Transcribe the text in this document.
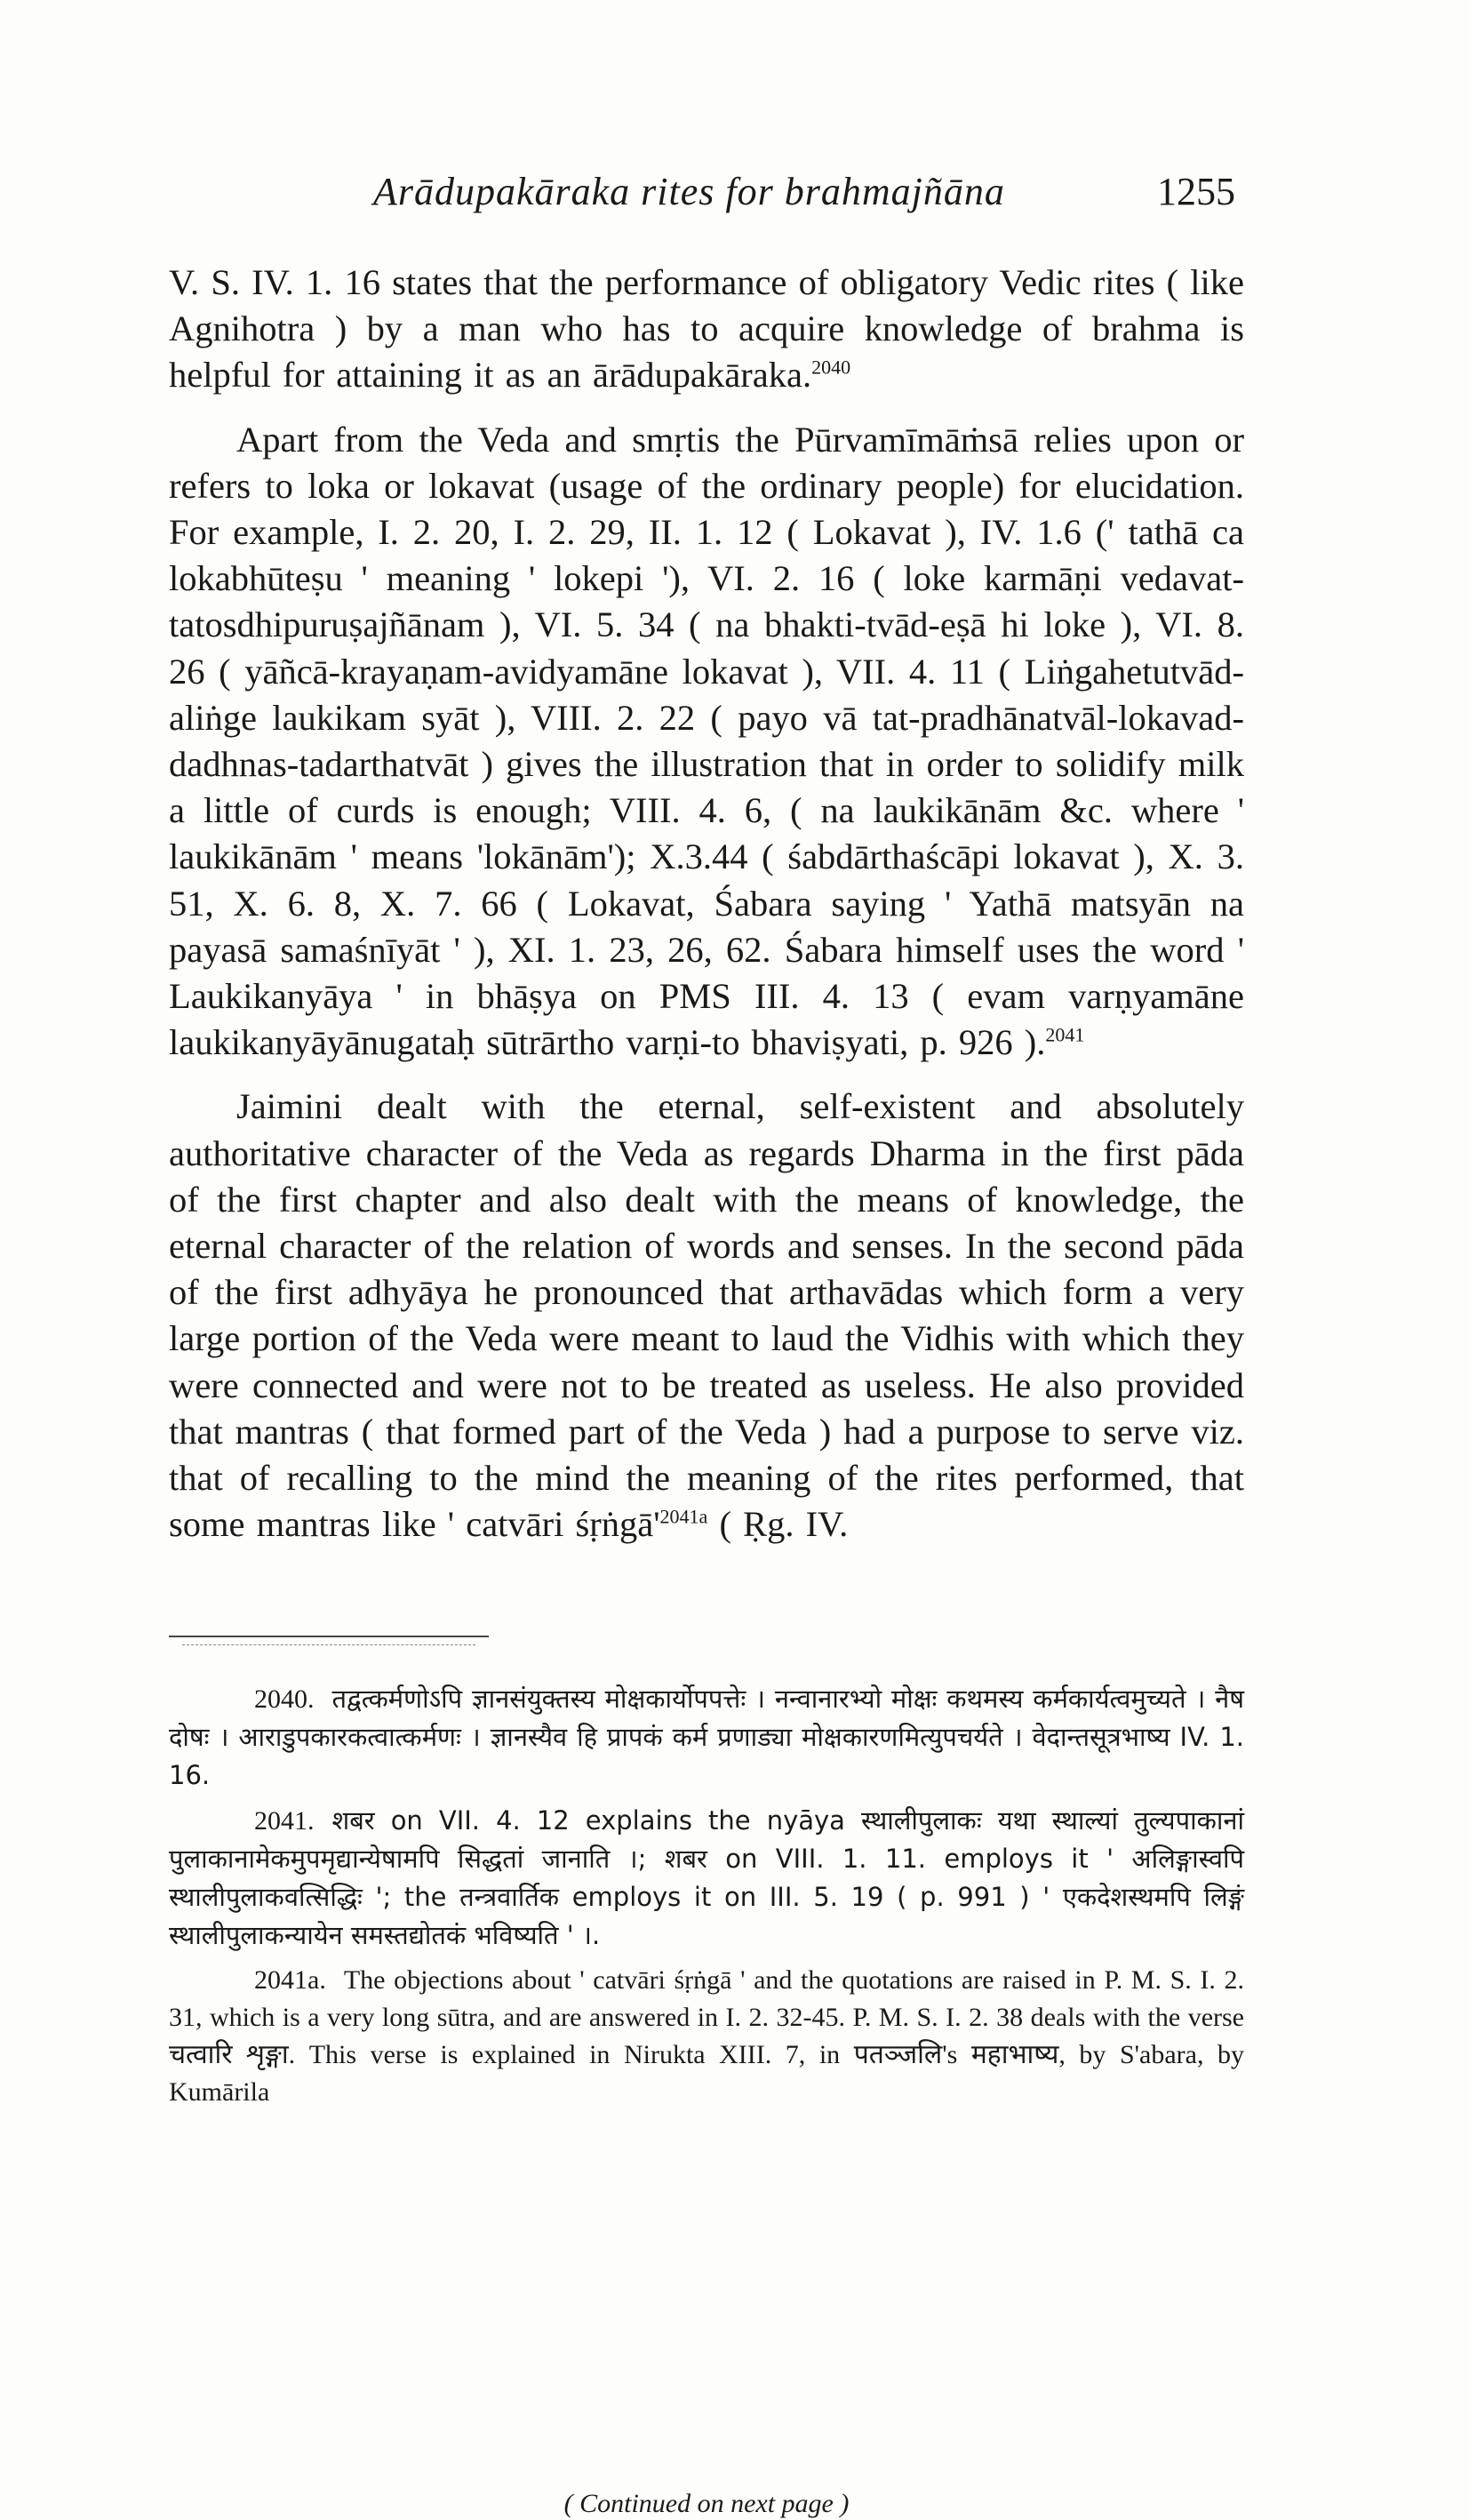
Arādupakāraka rites for brahmajñāna	1255

V. S. IV. 1. 16 states that the performance of obligatory Vedic rites ( like Agnihotra ) by a man who has to acquire knowledge of brahma is helpful for attaining it as an ārādupakāraka.$^{2040}$

Apart from the Veda and smṛtis the Pūrvamīmāṁsā relies upon or refers to loka or lokavat (usage of the ordinary people) for elucidation. For example, I. 2. 20, I. 2. 29, II. 1. 12 ( Lokavat ), IV. 1.6 (' tathā ca lokabhūteṣu ' meaning ' lokepi '), VI. 2. 16 ( loke karmāṇi vedavat-tatosdhipuruṣajñānam ), VI. 5. 34 ( na bhakti-tvād-eṣā hi loke ), VI. 8. 26 ( yāñcā-krayaṇam-avidyamāne lokavat ), VII. 4. 11 ( Liṅgahetutvād-aliṅge laukikam syāt ), VIII. 2. 22 ( payo vā tat-pradhānatvāl-lokavad-dadhnas-tadarthatvāt ) gives the illustration that in order to solidify milk a little of curds is enough; VIII. 4. 6, ( na laukikānām &c. where ' laukikānām ' means 'lokānām'); X.3.44 ( śabdārthaścāpi lokavat ), X. 3. 51, X. 6. 8, X. 7. 66 ( Lokavat, Śabara saying ' Yathā matsyān na payasā samaśnīyāt ' ), XI. 1. 23, 26, 62. Śabara himself uses the word ' Laukikanyāya ' in bhāṣya on PMS III. 4. 13 ( evam varṇyamāne laukikanyāyānugataḥ sūtrārtho varṇi-to bhaviṣyati, p. 926 ).$^{2041}$

Jaimini dealt with the eternal, self-existent and absolutely authoritative character of the Veda as regards Dharma in the first pāda of the first chapter and also dealt with the means of knowledge, the eternal character of the relation of words and senses. In the second pāda of the first adhyāya he pronounced that arthavādas which form a very large portion of the Veda were meant to laud the Vidhis with which they were connected and were not to be treated as useless. He also provided that mantras ( that formed part of the Veda ) had a purpose to serve viz. that of recalling to the mind the meaning of the rites performed, that some mantras like ' catvāri $śṛṅgā'^{2041a}$ ( Ṛg. IV.

2040. तद्वत्कर्मणोऽपि ज्ञानसंयुक्तस्य मोक्षकार्योपपत्तेः । नन्वानारभ्यो मोक्षः कथमस्य कर्मकार्यत्वमुच्यते । नैष दोषः । आराडुपकारकत्वात्कर्मणः । ज्ञानस्यैव हि प्रापकं कर्म प्रणाड्या मोक्षकारणमित्युपचर्यते । वेदान्तसूत्रभाष्य IV. 1. 16.

2041. शबर on VII. 4. 12 explains the nyāya स्थालीपुलाकः यथा स्थाल्यां तुल्यपाकानां पुलाकानामेकमुपमृद्यान्येषामपि सिद्धतां जानाति ।; शबर on VIII. 1. 11. employs it ' अलिङ्गास्वपि स्थालीपुलाकवत्सिद्धिः '; the तन्त्रवार्तिक employs it on III. 5. 19 ( p. 991 ) ' एकदेशस्थमपि लिङ्गं स्थालीपुलाकन्यायेन समस्तद्योतकं भविष्यति ' ।.

2041a. The objections about ' catvāri śṛṅgā ' and the quotations are raised in P. M. S. I. 2. 31, which is a very long sūtra, and are answered in I. 2. 32-45. P. M. S. I. 2. 38 deals with the verse चत्वारि शृङ्गा. This verse is explained in Nirukta XIII. 7, in पतञ्जलि's महाभाष्य, by S'abara, by Kumārila

( Continued on next page )
